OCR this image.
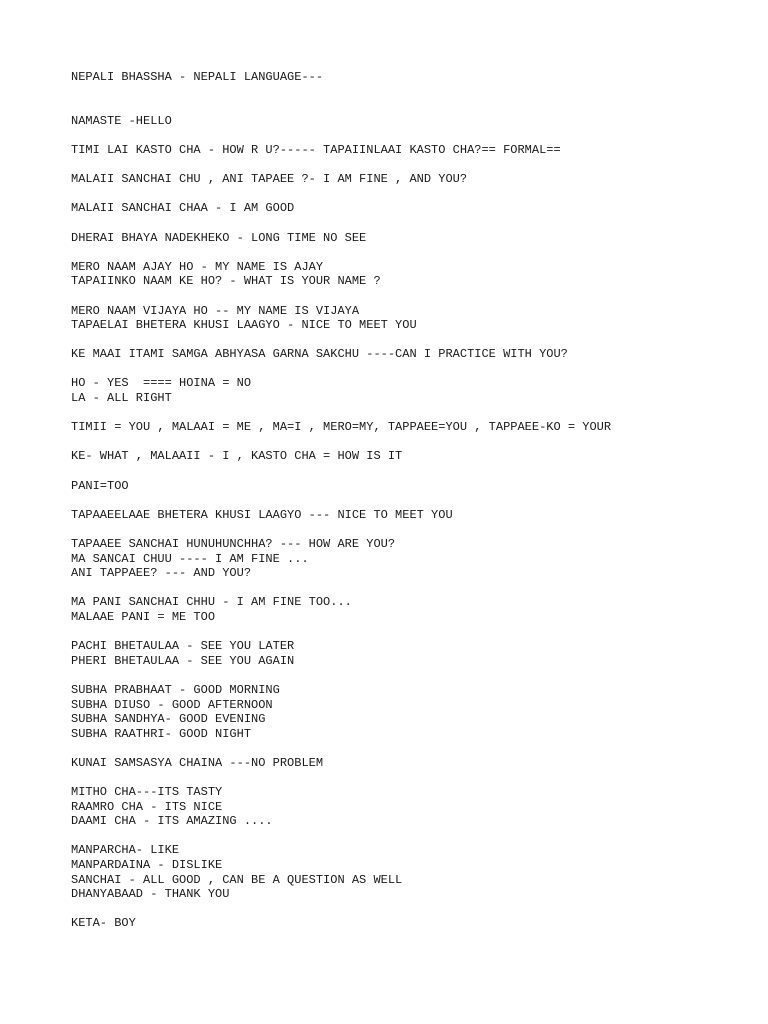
NEPALI BHASSHA - NEPALI LANGUAGE---
NAMASTE -HELLO
TIMI LAI KASTO CHA - HOW R U?----- TAPAIINLAAI KASTO CHA?== FORMAL==
MALAII SANCHAI CHU , ANI TAPAEE ?- I AM FINE , AND YOU?
MALAII SANCHAI CHAA - I AM GOOD
DHERAI BHAYA NADEKHEKO - LONG TIME NO SEE
MERO NAAM AJAY HO - MY NAME IS AJAY
TAPAIINKO NAAM KE HO? - WHAT IS YOUR NAME ?
MERO NAAM VIJAYA HO -- MY NAME IS VIJAYA
TAPAELAI BHETERA KHUSI LAAGYO - NICE TO MEET YOU
KE MAAI ITAMI SAMGA ABHYASA GARNA SAKCHU ----CAN I PRACTICE WITH YOU?
HO - YES  ==== HOINA = NO
LA - ALL RIGHT
TIMII = YOU , MALAAI = ME , MA=I , MERO=MY, TAPPAEE=YOU , TAPPAEE-KO = YOUR
KE- WHAT , MALAAII - I , KASTO CHA = HOW IS IT
PANI=TOO
TAPAAEELAAE BHETERA KHUSI LAAGYO --- NICE TO MEET YOU
TAPAAEE SANCHAI HUNUHUNCHHA? --- HOW ARE YOU?
MA SANCAI CHUU ---- I AM FINE ...
ANI TAPPAEE? --- AND YOU?
MA PANI SANCHAI CHHU - I AM FINE TOO...
MALAAE PANI = ME TOO
PACHI BHETAULAA - SEE YOU LATER
PHERI BHETAULAA - SEE YOU AGAIN
SUBHA PRABHAAT - GOOD MORNING
SUBHA DIUSO - GOOD AFTERNOON
SUBHA SANDHYA- GOOD EVENING
SUBHA RAATHRI- GOOD NIGHT
KUNAI SAMSASYA CHAINA ---NO PROBLEM
MITHO CHA---ITS TASTY
RAAMRO CHA - ITS NICE
DAAMI CHA - ITS AMAZING ....
MANPARCHA- LIKE
MANPARDAINA - DISLIKE
SANCHAI - ALL GOOD , CAN BE A QUESTION AS WELL
DHANYABAAD - THANK YOU
KETA- BOY
